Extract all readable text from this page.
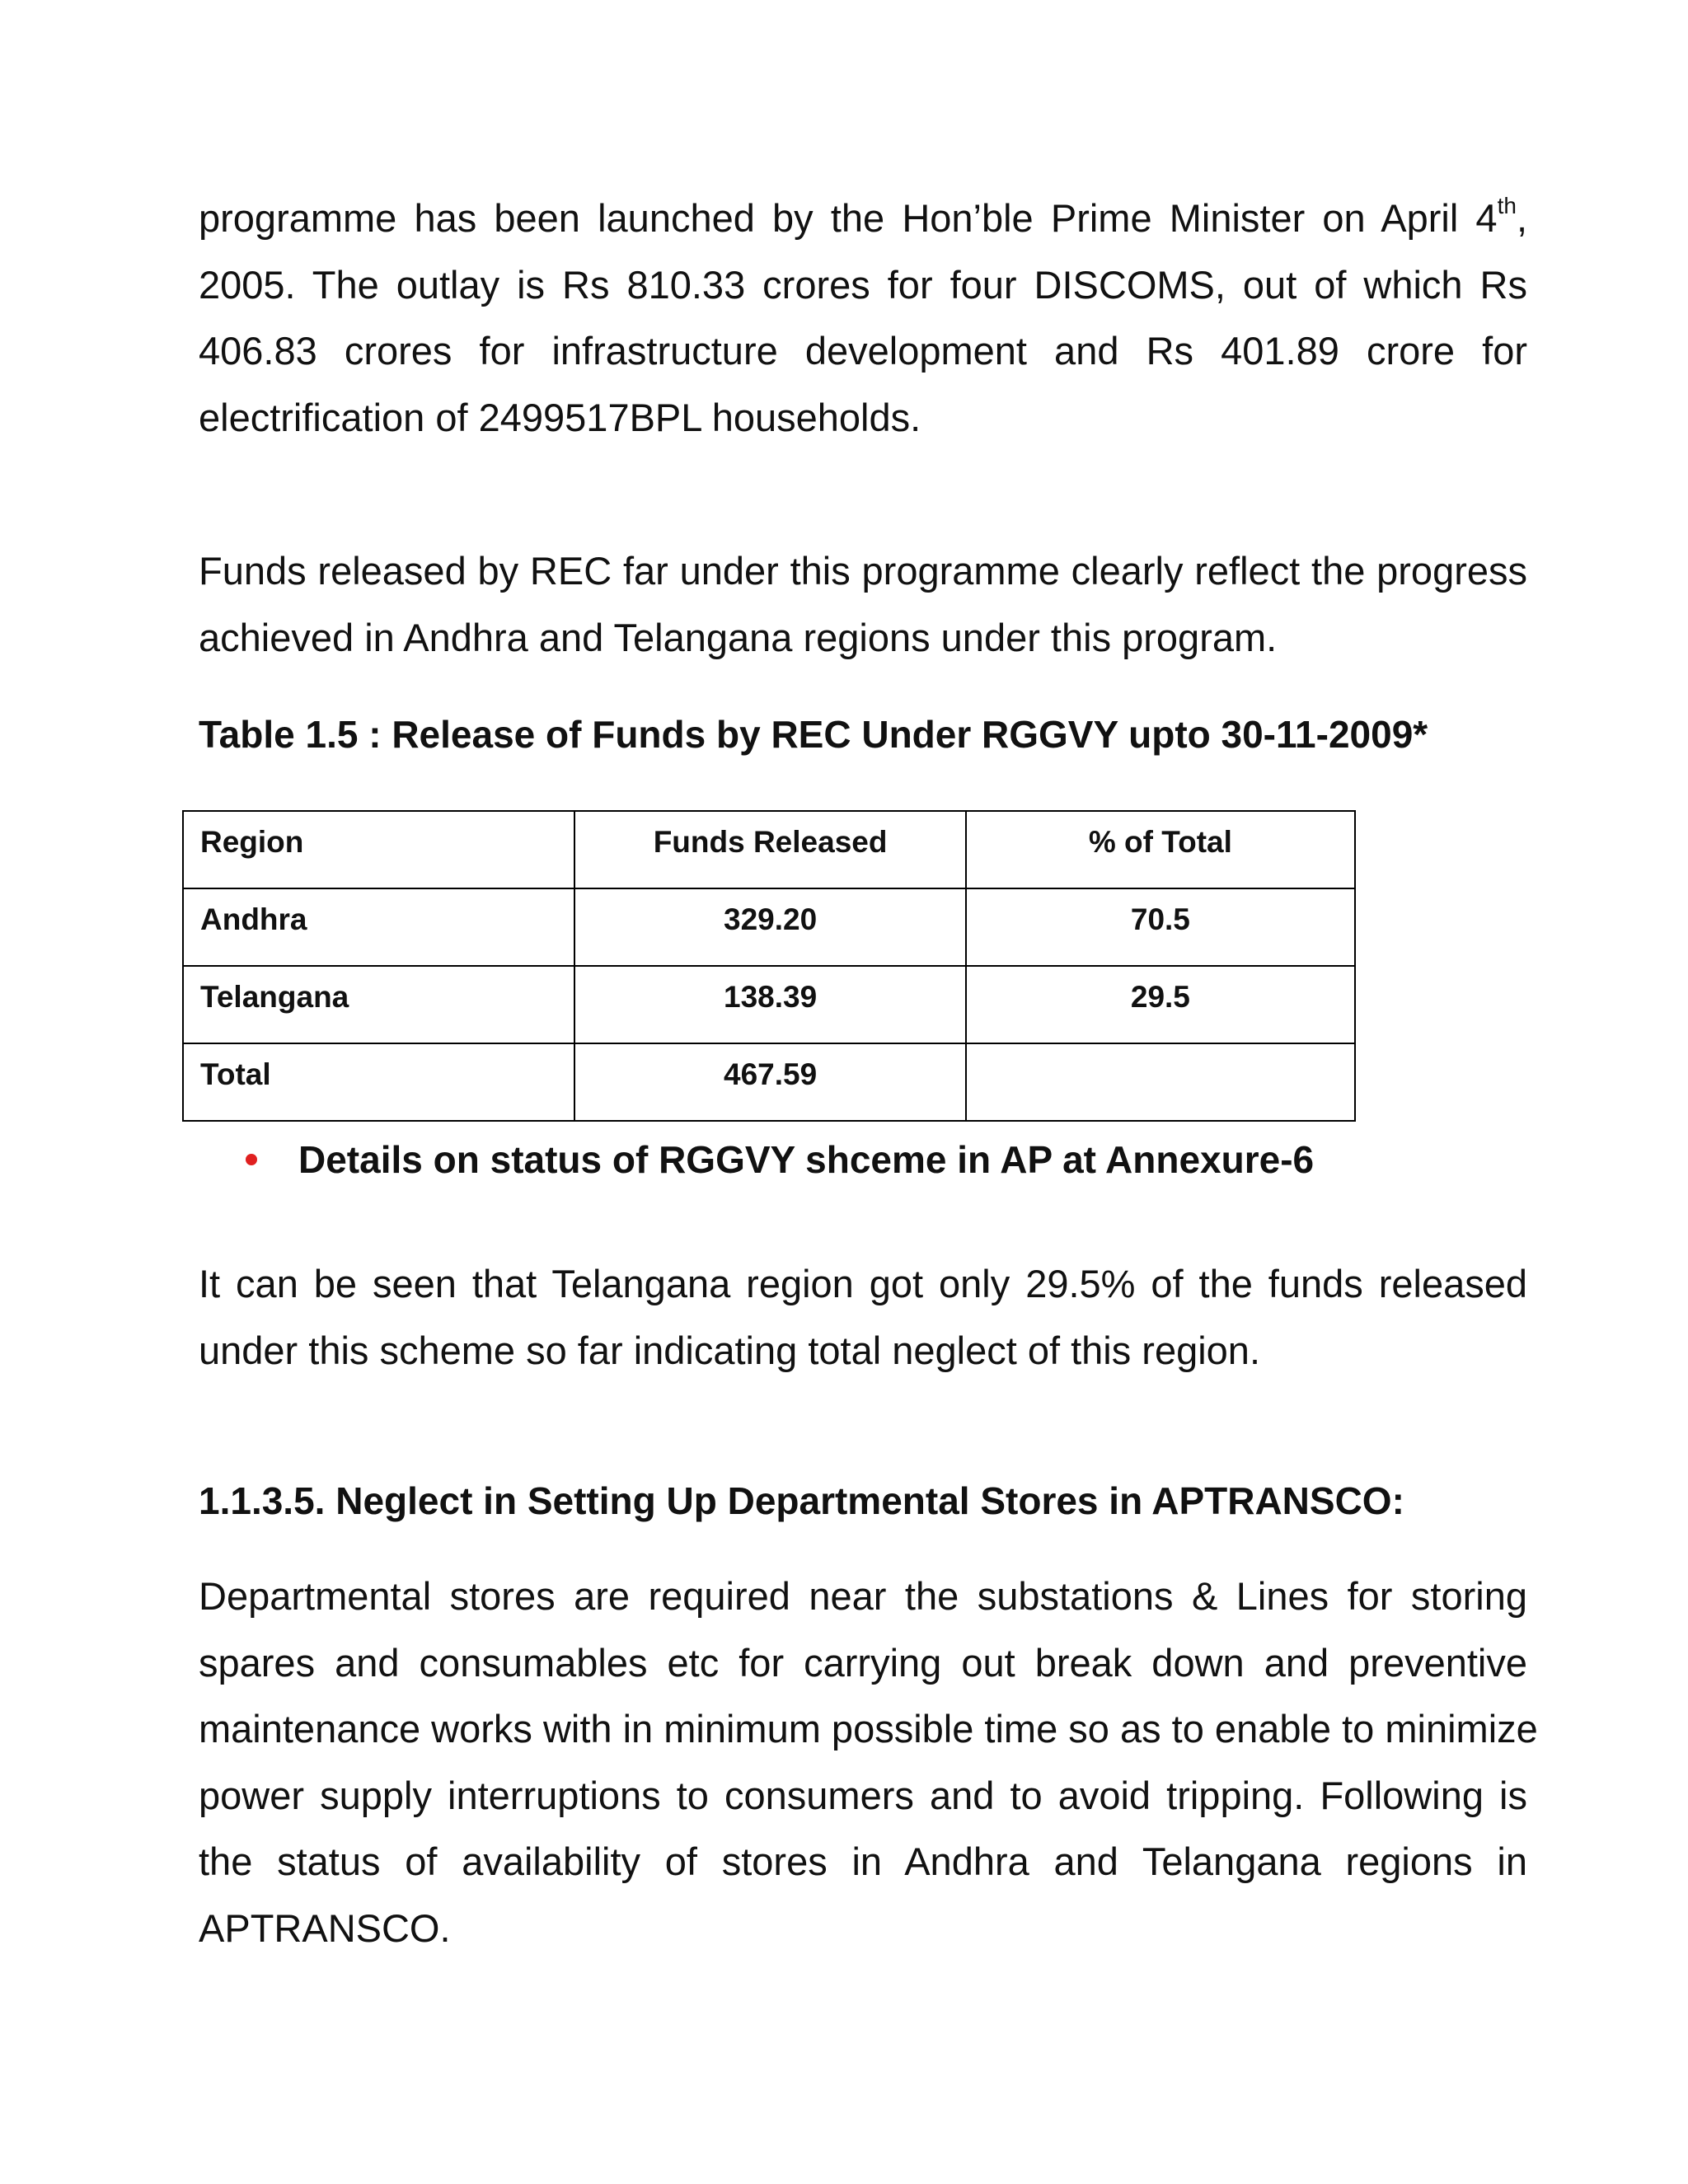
programme has been launched by the Hon’ble Prime Minister on April 4th,
2005. The outlay is Rs 810.33 crores for four DISCOMS, out of which Rs
406.83 crores for infrastructure development and Rs 401.89 crore for
electrification of 2499517BPL households.
Funds released by REC far under this programme clearly reflect the progress
achieved in Andhra and Telangana regions under this program.
Table 1.5 : Release of Funds by REC Under RGGVY upto 30-11-2009*
Region	Funds Released	% of Total
Andhra	329.20	70.5
Telangana	138.39	29.5
Total	467.59	
Details on status of RGGVY shceme in AP at Annexure-6
It can be seen that Telangana region got only 29.5% of the funds released
under this scheme so far indicating total neglect of this region.
1.1.3.5. Neglect in Setting Up Departmental Stores in APTRANSCO:
Departmental stores are required near the substations & Lines for storing
spares and consumables etc for carrying out break down and preventive
maintenance works with in minimum possible time so as to enable to minimize
power supply interruptions to consumers and to avoid tripping. Following is
the status of availability of stores in Andhra and Telangana regions in
APTRANSCO.
